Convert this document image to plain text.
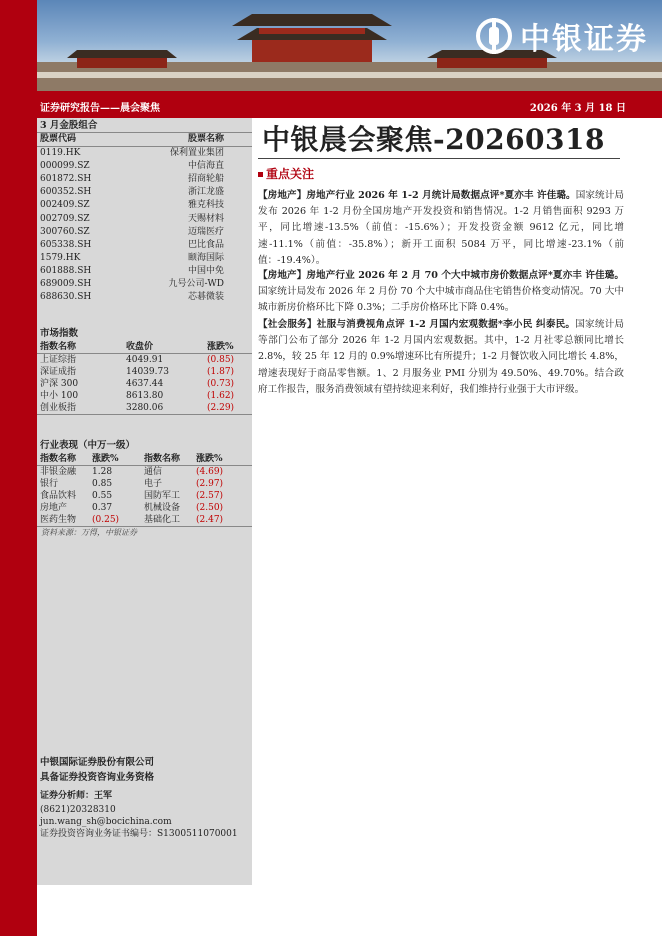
中银证券
证券研究报告——晨会聚焦	2026 年 3 月 18 日
3 月金股组合
股票代码	股票名称
0119.HK	保利置业集团
000099.SZ	中信海直
601872.SH	招商轮船
600352.SH	浙江龙盛
002409.SZ	雅克科技
002709.SZ	天赐材料
300760.SZ	迈瑞医疗
605338.SH	巴比食品
1579.HK	颐海国际
601888.SH	中国中免
689009.SH	九号公司-WD
688630.SH	芯碁微装
市场指数
指数名称	收盘价	涨跌%
上证综指	4049.91	(0.85)
深证成指	14039.73	(1.87)
沪深 300	4637.44	(0.73)
中小 100	8613.80	(1.62)
创业板指	3280.06	(2.29)
行业表现（中万一级）
指数名称	涨跌%	指数名称	涨跌%
非银金融	1.28	通信	(4.69)
银行	0.85	电子	(2.97)
食品饮料	0.55	国防军工	(2.57)
房地产	0.37	机械设备	(2.50)
医药生物	(0.25)	基础化工	(2.47)
资料来源：万得，中银证券
中银国际证券股份有限公司
具备证券投资咨询业务资格
证券分析师：王军
(8621)20328310
jun.wang_sh@bocichina.com
证券投资咨询业务证书编号：S1300511070001
中银晨会聚焦-20260318
重点关注
【房地产】房地产行业 2026 年 1-2 月统计局数据点评*夏亦丰 许佳璐。国家统计局发布 2026 年 1-2 月份全国房地产开发投资和销售情况。1-2 月销售面积 9293 万平，同比增速-13.5%（前值：-15.6%）；开发投资金额 9612 亿元，同比增速-11.1%（前值：-35.8%）；新开工面积 5084 万平，同比增速-23.1%（前值：-19.4%）。
【房地产】房地产行业 2026 年 2 月 70 个大中城市房价数据点评*夏亦丰 许佳璐。国家统计局发布 2026 年 2 月份 70 个大中城市商品住宅销售价格变动情况。70 大中城市新房价格环比下降 0.3%；二手房价格环比下降 0.4%。
【社会服务】社服与消费视角点评 1-2 月国内宏观数据*李小民 纠泰民。国家统计局等部门公布了部分 2026 年 1-2 月国内宏观数据。其中，1-2 月社零总额同比增长 2.8%，较 25 年 12 月的 0.9%增速环比有所提升；1-2 月餐饮收入同比增长 4.8%，增速表现好于商品零售额。1、2 月服务业 PMI 分别为 49.50%、49.70%。结合政府工作报告，服务消费领域有望持续迎来利好，我们维持行业强于大市评级。
